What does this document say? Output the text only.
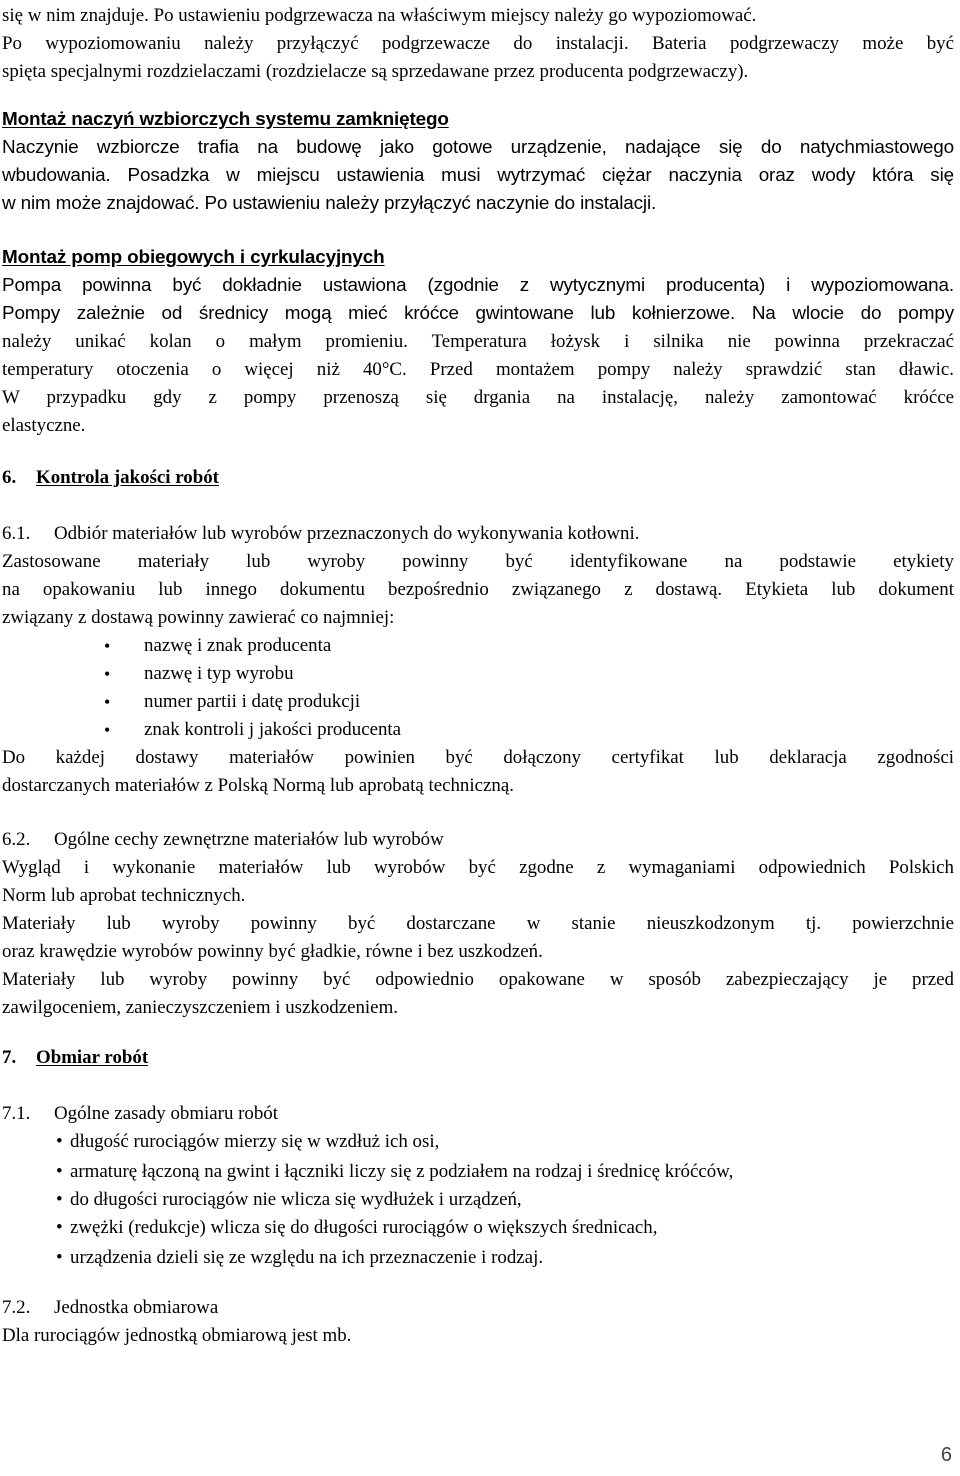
się w nim znajduje. Po ustawieniu podgrzewacza na właściwym miejscy należy go wypoziomować.

Po wypoziomowaniu należy przyłączyć podgrzewacze do instalacji. Bateria podgrzewaczy może być

spięta specjalnymi rozdzielaczami (rozdzielacze są sprzedawane przez producenta podgrzewaczy).

Montaż naczyń wzbiorczych systemu zamkniętego

Naczynie wzbiorcze trafia na budowę jako gotowe urządzenie, nadające się do natychmiastowego

wbudowania. Posadzka w miejscu ustawienia musi wytrzymać ciężar naczynia oraz wody która się

w nim może znajdować. Po ustawieniu należy przyłączyć naczynie do instalacji.

Montaż pomp obiegowych i cyrkulacyjnych

Pompa powinna być dokładnie ustawiona (zgodnie z wytycznymi producenta) i wypoziomowana.

Pompy zależnie od średnicy mogą mieć króćce gwintowane lub kołnierzowe. Na wlocie do pompy

należy unikać kolan o małym promieniu. Temperatura łożysk i silnika nie powinna przekraczać

temperatury otoczenia o więcej niż 40°C. Przed montażem pompy należy sprawdzić stan dławic.

W przypadku gdy z pompy przenoszą się drgania na instalację, należy zamontować króćce

elastyczne.

6. Kontrola jakości robót

6.1. Odbiór materiałów lub wyrobów przeznaczonych do wykonywania kotłowni.

Zastosowane materiały lub wyroby powinny być identyfikowane na podstawie etykiety

na opakowaniu lub innego dokumentu bezpośrednio związanego z dostawą. Etykieta lub dokument

związany z dostawą powinny zawierać co najmniej:

• nazwę i znak producenta
• nazwę i typ wyrobu
• numer partii i datę produkcji
• znak kontroli j jakości producenta

Do każdej dostawy materiałów powinien być dołączony certyfikat lub deklaracja zgodności

dostarczanych materiałów z Polską Normą lub aprobatą techniczną.

6.2. Ogólne cechy zewnętrzne materiałów lub wyrobów

Wygląd i wykonanie materiałów lub wyrobów być zgodne z wymaganiami odpowiednich Polskich

Norm lub aprobat technicznych.

Materiały lub wyroby powinny być dostarczane w stanie nieuszkodzonym tj. powierzchnie

oraz krawędzie wyrobów powinny być gładkie, równe i bez uszkodzeń.

Materiały lub wyroby powinny być odpowiednio opakowane w sposób zabezpieczający je przed

zawilgoceniem, zanieczyszczeniem i uszkodzeniem.

7. Obmiar robót

7.1. Ogólne zasady obmiaru robót

• długość rurociągów mierzy się w wzdłuż ich osi,
• armaturę łączoną na gwint i łączniki liczy się z podziałem na rodzaj i średnicę króćców,
• do długości rurociągów nie wlicza się wydłużek i urządzeń,
• zwężki (redukcje) wlicza się do długości rurociągów o większych średnicach,
• urządzenia dzieli się ze względu na ich przeznaczenie i rodzaj.

7.2. Jednostka obmiarowa

Dla rurociągów jednostką obmiarową jest mb.

6
